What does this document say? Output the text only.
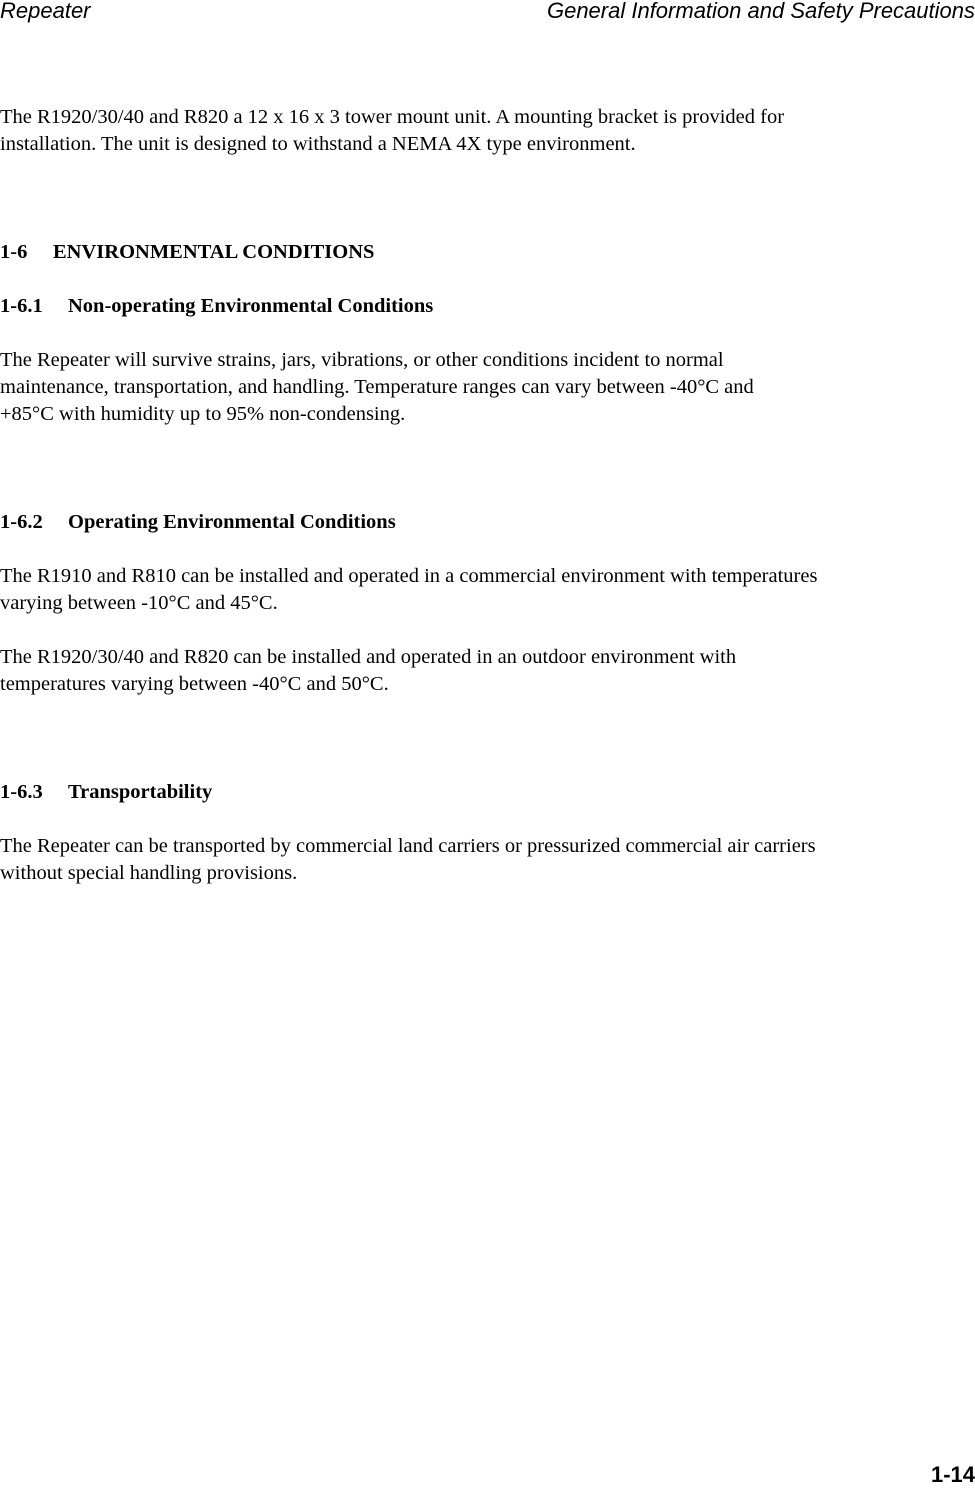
Repeater	General Information and Safety Precautions

The R1920/30/40 and R820 a 12 x 16 x 3 tower mount unit. A mounting bracket is provided for
installation. The unit is designed to withstand a NEMA 4X type environment.

1-6 ENVIRONMENTAL CONDITIONS
1-6.1 Non-operating Environmental Conditions

The Repeater will survive strains, jars, vibrations, or other conditions incident to normal
maintenance, transportation, and handling. Temperature ranges can vary between -40°C and
+85°C with humidity up to 95% non-condensing.

1-6.2 Operating Environmental Conditions

The R1910 and R810 can be installed and operated in a commercial environment with temperatures
varying between -10°C and 45°C.

The R1920/30/40 and R820 can be installed and operated in an outdoor environment with
temperatures varying between -40°C and 50°C.

1-6.3 Transportability

The Repeater can be transported by commercial land carriers or pressurized commercial air carriers
without special handling provisions.

1-14
